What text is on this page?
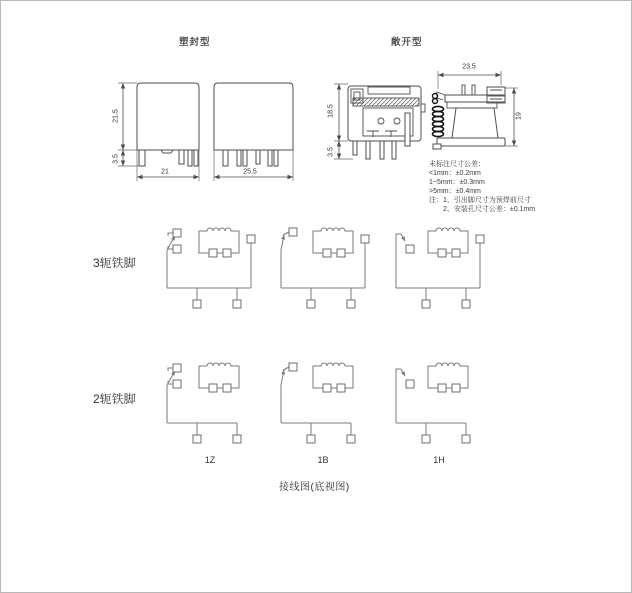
塑封型	敞开型
21.5
3.5
21	25.5
18.5
3.5
23.5
19
未标注尺寸公差：
<1mm：±0.2mm
1~5mm：±0.3mm
>5mm：±0.4mm
注：1、引出脚尺寸为预焊前尺寸
2、安装孔尺寸公差：±0.1mm
3轭铁脚
2轭铁脚
1Z	1B	1H
接线图(底视图)
